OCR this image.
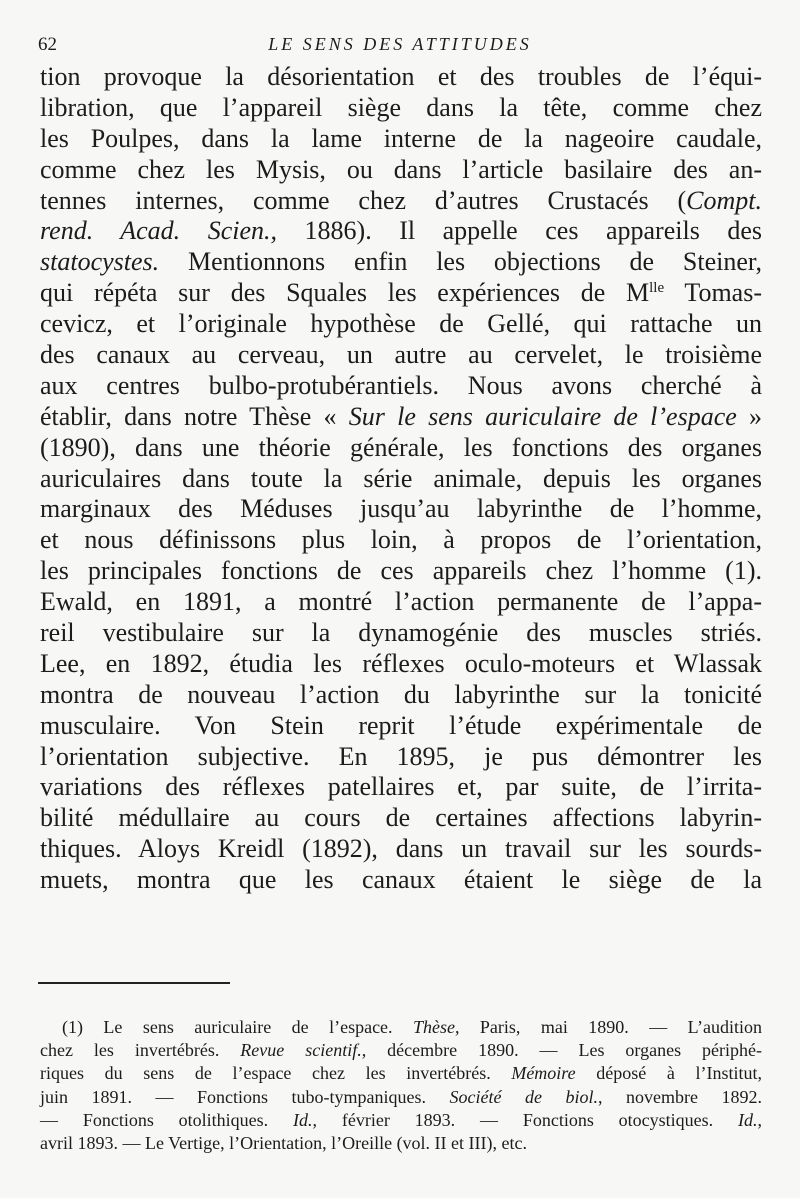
62	LE SENS DES ATTITUDES
tion provoque la désorientation et des troubles de l’équi-
libration, que l’appareil siège dans la tête, comme chez
les Poulpes, dans la lame interne de la nageoire caudale,
comme chez les Mysis, ou dans l’article basilaire des an-
tennes internes, comme chez d’autres Crustacés (Compt.
rend. Acad. Scien., 1886). Il appelle ces appareils des
statocystes. Mentionnons enfin les objections de Steiner,
qui répéta sur des Squales les expériences de $M^{lle}$ Tomas-
cevicz, et l’originale hypothèse de Gellé, qui rattache un
des canaux au cerveau, un autre au cervelet, le troisième
aux centres bulbo-protubérantiels. Nous avons cherché à
établir, dans notre Thèse « Sur le sens auriculaire de l’espace »
(1890), dans une théorie générale, les fonctions des organes
auriculaires dans toute la série animale, depuis les organes
marginaux des Méduses jusqu’au labyrinthe de l’homme,
et nous définissons plus loin, à propos de l’orientation,
les principales fonctions de ces appareils chez l’homme (1).
Ewald, en 1891, a montré l’action permanente de l’appa-
reil vestibulaire sur la dynamogénie des muscles striés.
Lee, en 1892, étudia les réflexes oculo-moteurs et Wlassak
montra de nouveau l’action du labyrinthe sur la tonicité
musculaire. Von Stein reprit l’étude expérimentale de
l’orientation subjective. En 1895, je pus démontrer les
variations des réflexes patellaires et, par suite, de l’irrita-
bilité médullaire au cours de certaines affections labyrin-
thiques. Aloys Kreidl (1892), dans un travail sur les sourds-
muets, montra que les canaux étaient le siège de la
(1) Le sens auriculaire de l’espace. Thèse, Paris, mai 1890. — L’audition
chez les invertébrés. Revue scientif., décembre 1890. — Les organes périphé-
riques du sens de l’espace chez les invertébrés. Mémoire déposé à l’Institut,
juin 1891. — Fonctions tubo-tympaniques. Société de biol., novembre 1892.
— Fonctions otolithiques. Id., février 1893. — Fonctions otocystiques. Id.,
avril 1893. — Le Vertige, l’Orientation, l’Oreille (vol. II et III), etc.
